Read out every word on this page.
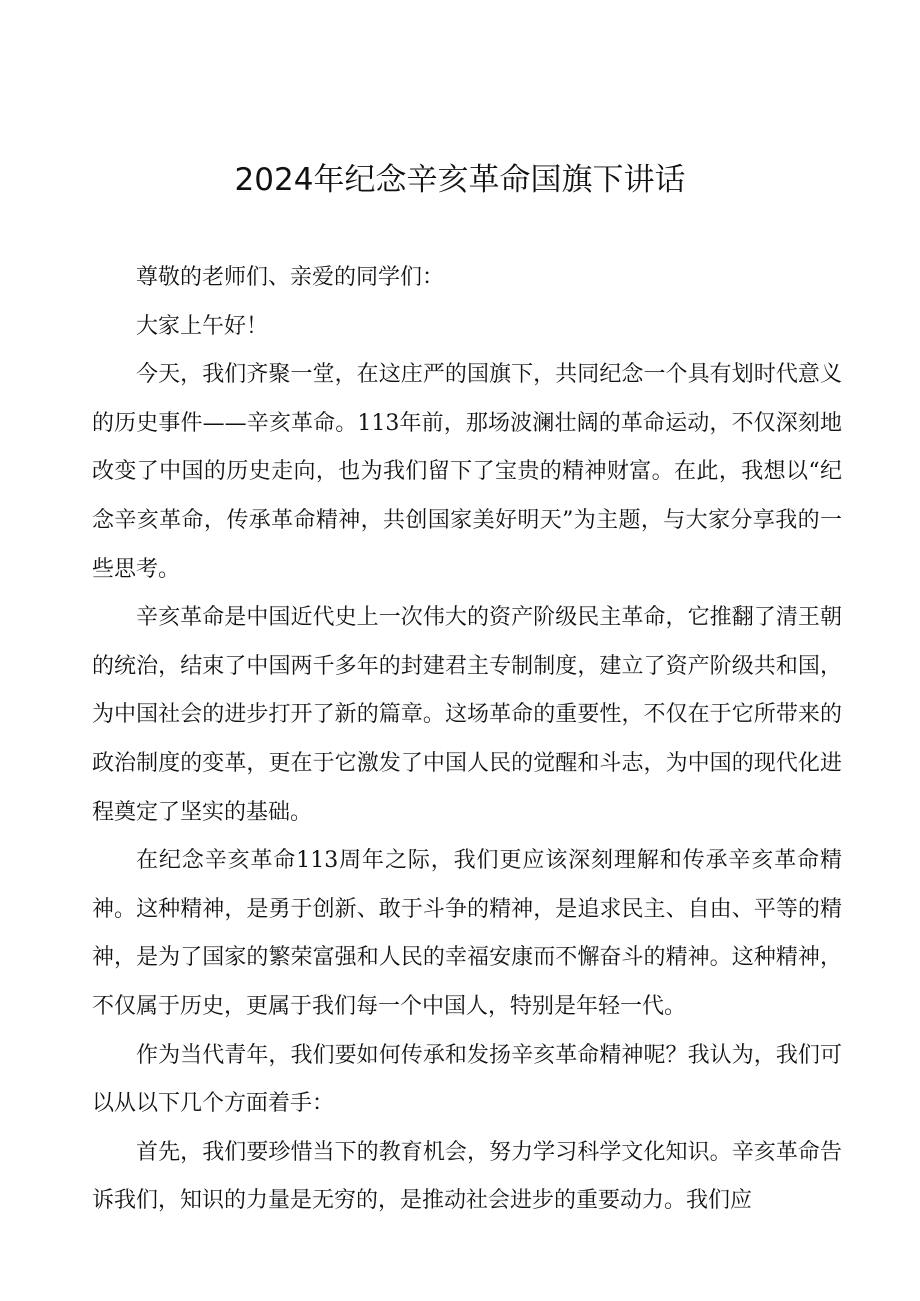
2024年纪念辛亥革命国旗下讲话

尊敬的老师们、亲爱的同学们：

大家上午好！

今天，我们齐聚一堂，在这庄严的国旗下，共同纪念一个具有划时代意义的历史事件——辛亥革命。113年前，那场波澜壮阔的革命运动，不仅深刻地改变了中国的历史走向，也为我们留下了宝贵的精神财富。在此，我想以“纪念辛亥革命，传承革命精神，共创国家美好明天”为主题，与大家分享我的一些思考。

辛亥革命是中国近代史上一次伟大的资产阶级民主革命，它推翻了清王朝的统治，结束了中国两千多年的封建君主专制制度，建立了资产阶级共和国，为中国社会的进步打开了新的篇章。这场革命的重要性，不仅在于它所带来的政治制度的变革，更在于它激发了中国人民的觉醒和斗志，为中国的现代化进程奠定了坚实的基础。

在纪念辛亥革命113周年之际，我们更应该深刻理解和传承辛亥革命精神。这种精神，是勇于创新、敢于斗争的精神，是追求民主、自由、平等的精神，是为了国家的繁荣富强和人民的幸福安康而不懈奋斗的精神。这种精神，不仅属于历史，更属于我们每一个中国人，特别是年轻一代。

作为当代青年，我们要如何传承和发扬辛亥革命精神呢？我认为，我们可以从以下几个方面着手：

首先，我们要珍惜当下的教育机会，努力学习科学文化知识。辛亥革命告诉我们，知识的力量是无穷的，是推动社会进步的重要动力。我们应
